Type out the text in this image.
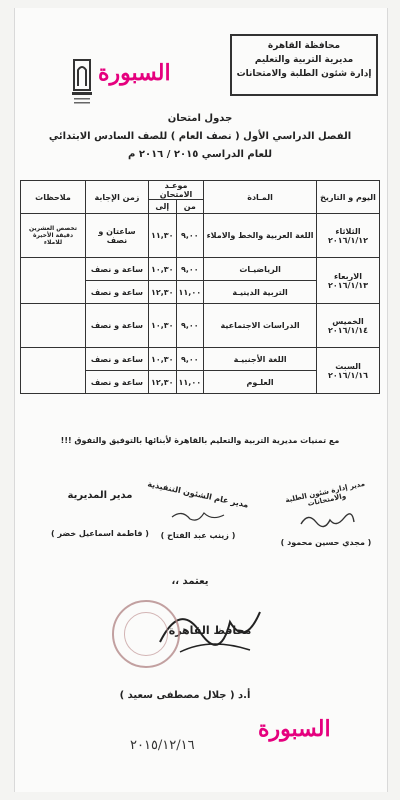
محافظة القاهرة
مديرية التربية والتعليم
إدارة شئون الطلبة والامتحانات
السبورة
جدول امتحان
الفصل الدراسي الأول ( نصف العام ) للصف السادس الابتدائي
للعام الدراسي ٢٠١٥ / ٢٠١٦ م
اليوم و التاريخ	المـادة	موعـد الامتحان		زمن الإجابة	ملاحظات
		من	إلى		

الثلاثاء
٢٠١٦/١/١٢	اللغة العربية والخط والاملاء	٩,٠٠	١١,٣٠	ساعتان و نصف	تخصص العشرين دقيقة الأخيرة للاملاء

الاربعاء
٢٠١٦/١/١٣	الرياضيـات	٩,٠٠	١٠,٣٠	ساعة و نصف	
	التربية الدينيـة	١١,٠٠	١٢,٣٠	ساعة و نصف	

الخميس
٢٠١٦/١/١٤	الدراسات الاجتماعية	٩,٠٠	١٠,٣٠	ساعة و نصف	

السبت
٢٠١٦/١/١٦	اللغة الأجنبيـة	٩,٠٠	١٠,٣٠	ساعة و نصف	
	العلـوم	١١,٠٠	١٢,٣٠	ساعة و نصف	
مع تمنيات مديرية التربية والتعليم بالقاهرة لأبنائها بالتوفيق والتفوق !!!
مدير إدارة شئون الطلبة والامتحانات
( مجدي حسين محمود )
مدير عام الشئون التنفيذية
( زينب عبد الفتاح )
مدير المديرية
( فاطمة اسماعيل خضر )
يعتمد ،،
محافظ القاهرة
أ.د ( جلال مصطفى سعيد )
٢٠١٥/١٢/١٦
السبورة
